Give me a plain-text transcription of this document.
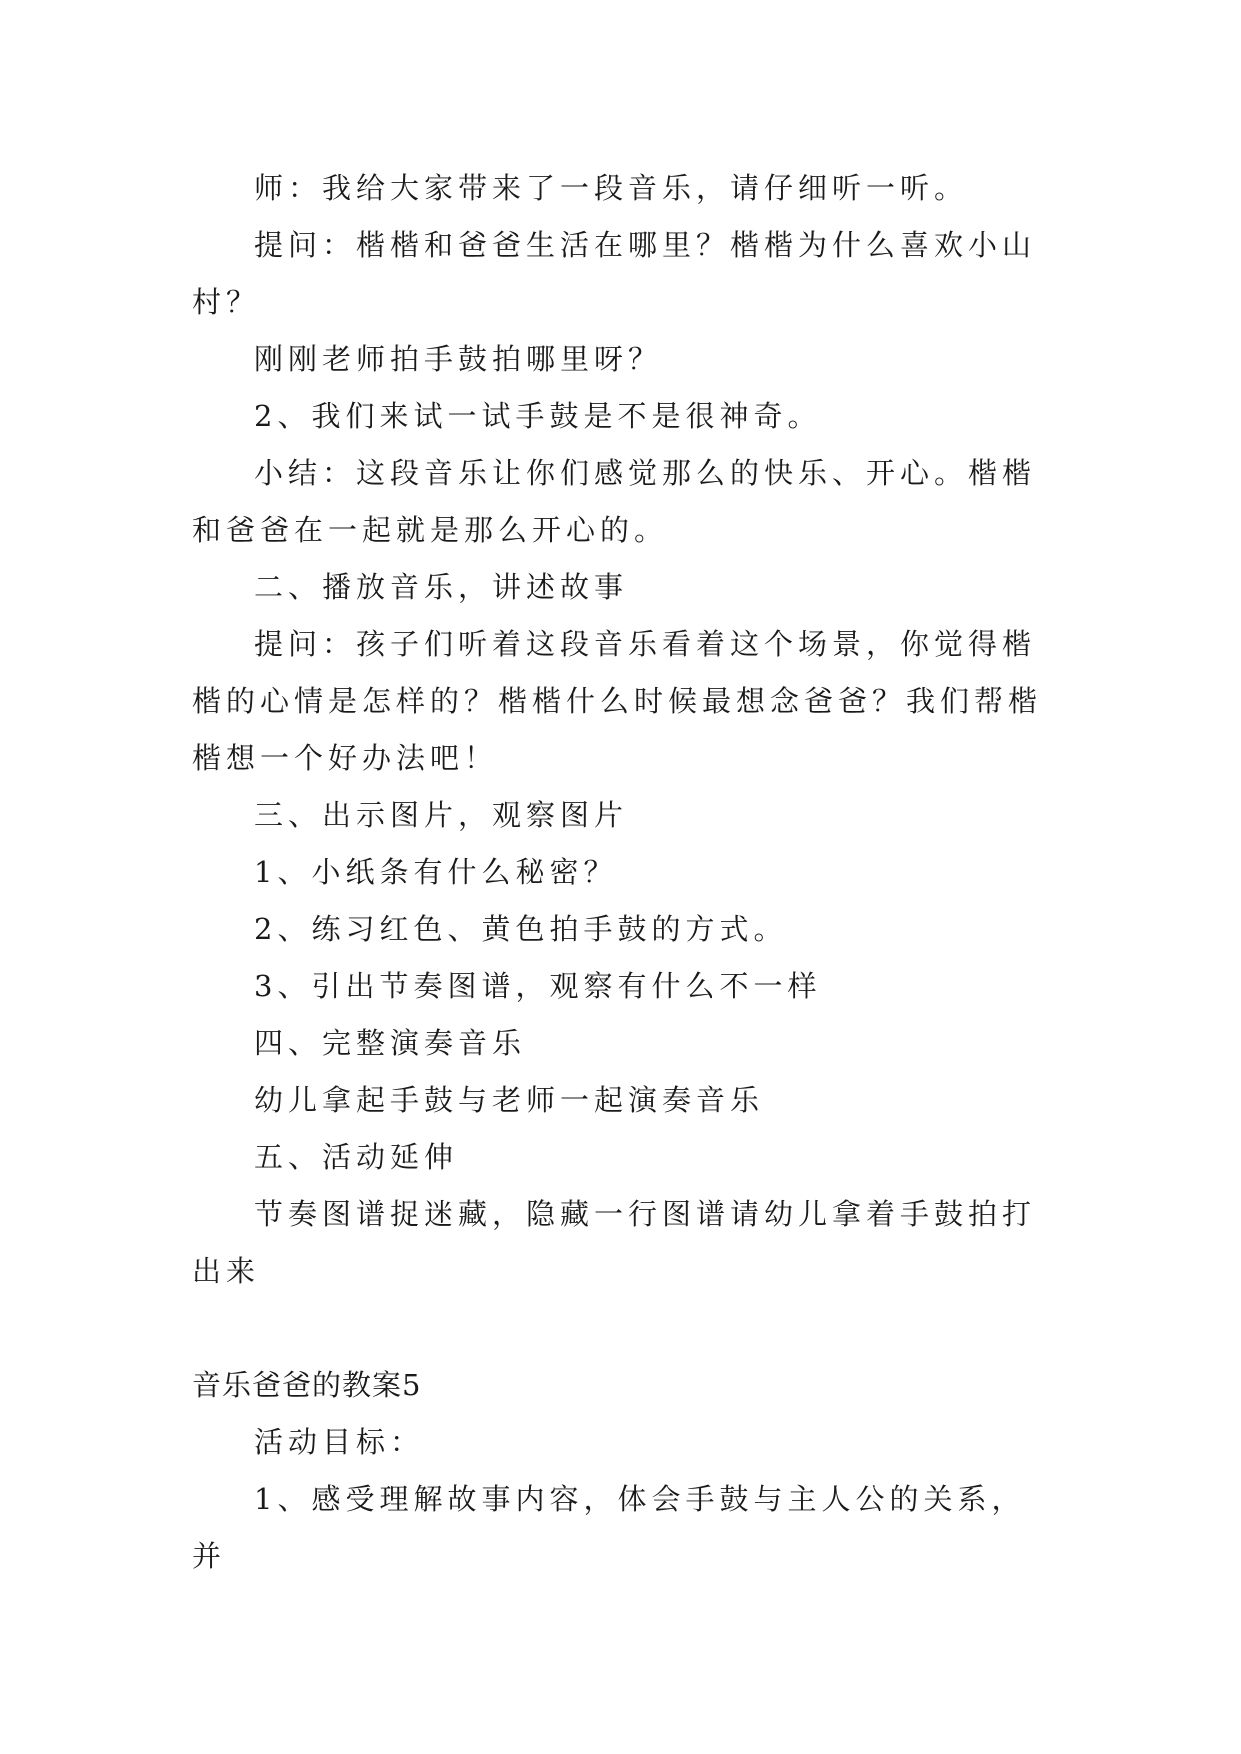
师：我给大家带来了一段音乐，请仔细听一听。

提问：楷楷和爸爸生活在哪里？楷楷为什么喜欢小山村？

刚刚老师拍手鼓拍哪里呀？

2、我们来试一试手鼓是不是很神奇。

小结：这段音乐让你们感觉那么的快乐、开心。楷楷和爸爸在一起就是那么开心的。

二、播放音乐，讲述故事

提问：孩子们听着这段音乐看着这个场景，你觉得楷楷的心情是怎样的？楷楷什么时候最想念爸爸？我们帮楷楷想一个好办法吧！

三、出示图片，观察图片

1、小纸条有什么秘密？

2、练习红色、黄色拍手鼓的方式。

3、引出节奏图谱，观察有什么不一样

四、完整演奏音乐

幼儿拿起手鼓与老师一起演奏音乐

五、活动延伸

节奏图谱捉迷藏，隐藏一行图谱请幼儿拿着手鼓拍打出来

音乐爸爸的教案5

活动目标：

1、感受理解故事内容，体会手鼓与主人公的关系，并
